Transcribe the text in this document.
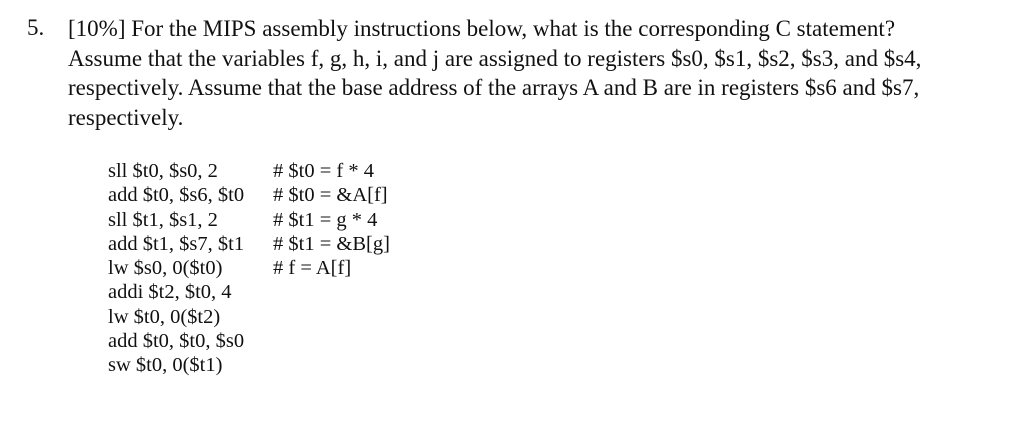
5. [10%] For the MIPS assembly instructions below, what is the corresponding C statement?
Assume that the variables f, g, h, i, and j are assigned to registers $s0, $s1, $s2, $s3, and $s4,
respectively. Assume that the base address of the arrays A and B are in registers $s6 and $s7,
respectively.
sll $t0, $s0, 2	# $t0 = f * 4
add $t0, $s6, $t0	# $t0 = &A[f]
sll $t1, $s1, 2	# $t1 = g * 4
add $t1, $s7, $t1	# $t1 = &B[g]
lw $s0, 0($t0)	# f = A[f]
addi $t2, $t0, 4
lw $t0, 0($t2)
add $t0, $t0, $s0
sw $t0, 0($t1)
